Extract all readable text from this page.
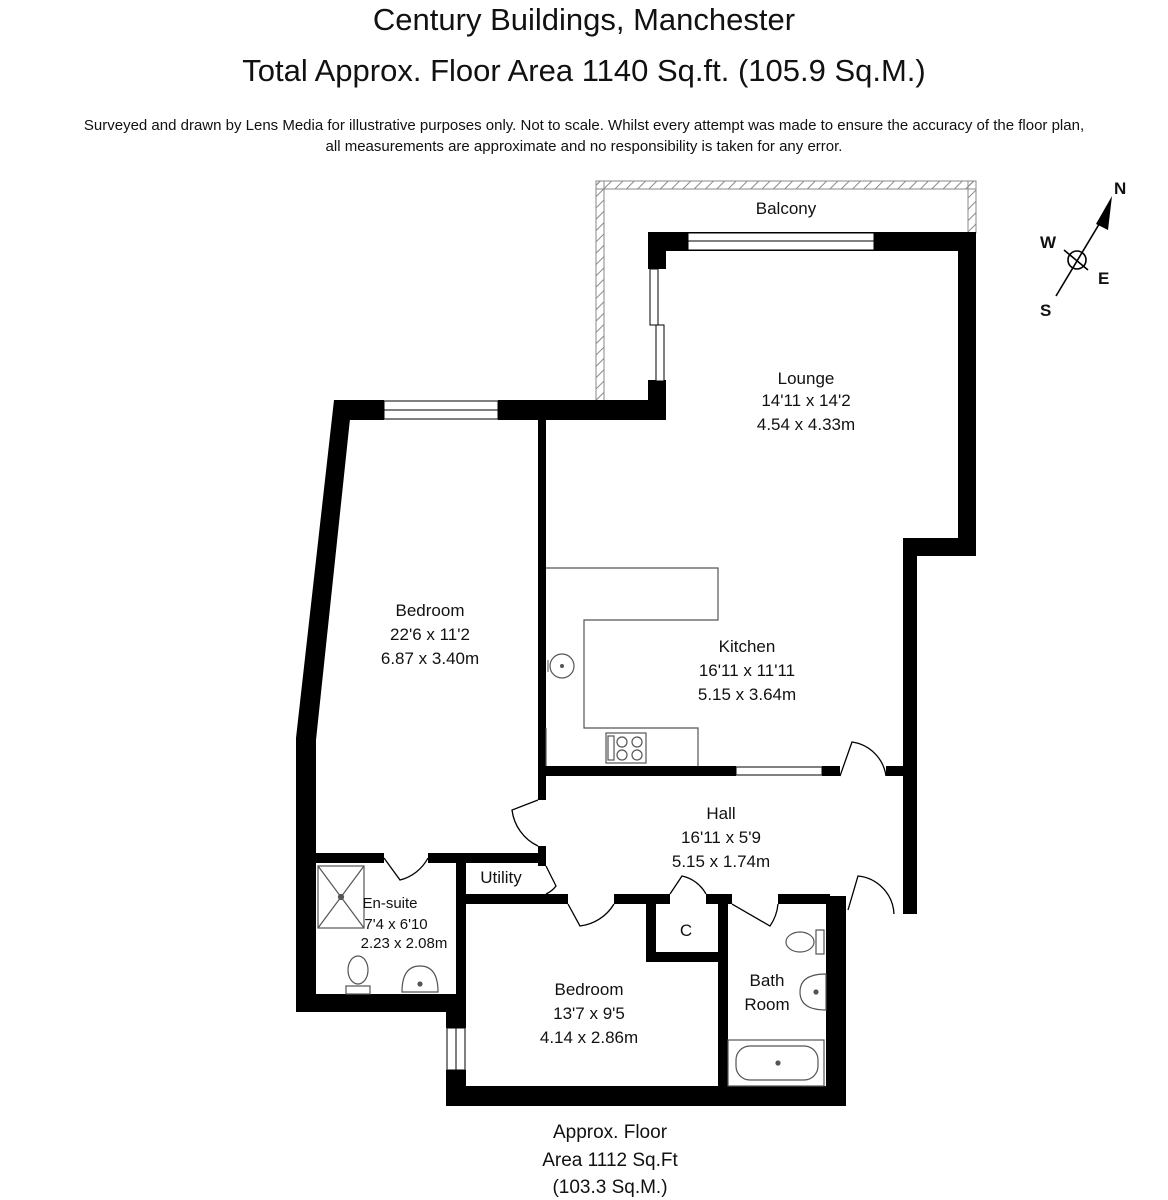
Century Buildings, Manchester
Total Approx. Floor Area 1140 Sq.ft. (105.9 Sq.M.)
Surveyed and drawn by Lens Media for illustrative purposes only. Not to scale. Whilst every attempt was made to ensure the accuracy of the floor plan,
all measurements are approximate and no responsibility is taken for any error.
Balcony
Lounge
14'11 x 14'2
4.54 x 4.33m
Kitchen
16'11 x 11'11
5.15 x 3.64m
Bedroom
22'6 x 11'2
6.87 x 3.40m
Hall
16'11 x 5'9
5.15 x 1.74m
Utility
En-suite
7'4 x 6'10
2.23 x 2.08m
Bedroom
13'7 x 9'5
4.14 x 2.86m
C
Bath
Room
N
W
E
S
Approx. Floor
Area 1112 Sq.Ft
(103.3 Sq.M.)
